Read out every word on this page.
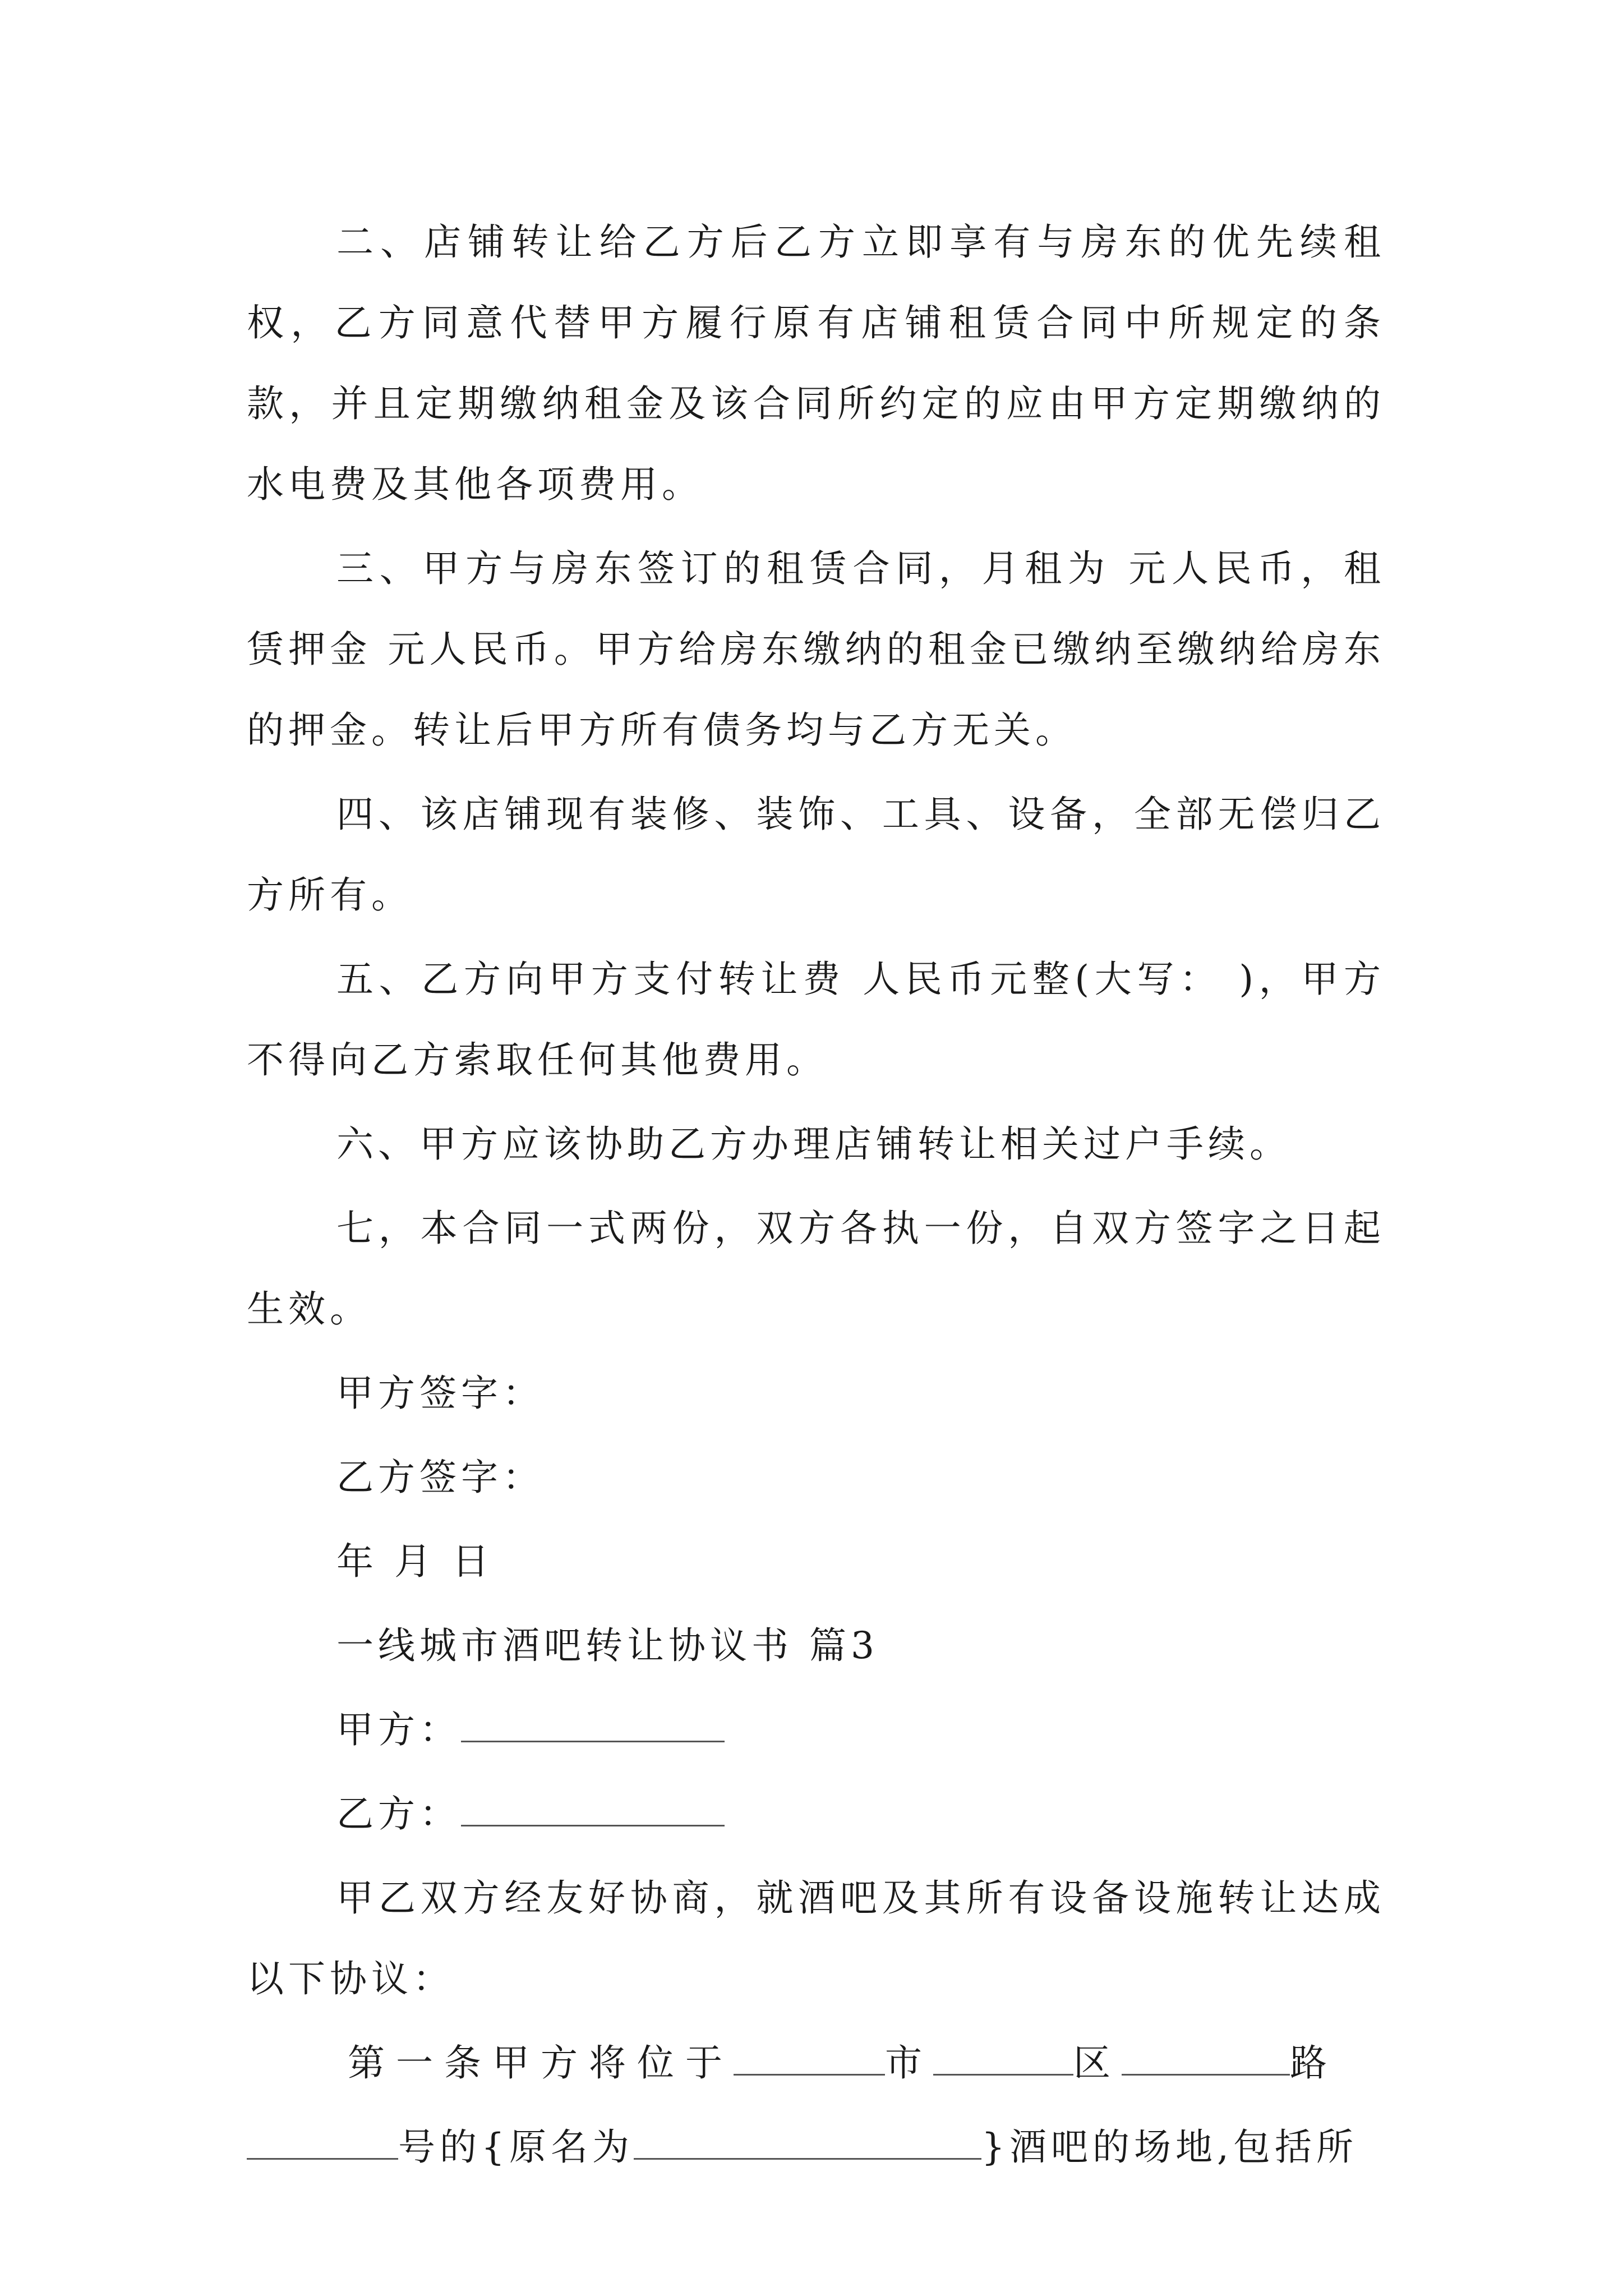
二、店铺转让给乙方后乙方立即享有与房东的优先续租权，乙方同意代替甲方履行原有店铺租赁合同中所规定的条款，并且定期缴纳租金及该合同所约定的应由甲方定期缴纳的水电费及其他各项费用。

三、甲方与房东签订的租赁合同，月租为 元人民币，租赁押金 元人民币。甲方给房东缴纳的租金已缴纳至缴纳给房东的押金。转让后甲方所有债务均与乙方无关。

四、该店铺现有装修、装饰、工具、设备，全部无偿归乙方所有。

五、乙方向甲方支付转让费 人民币元整(大写： )，甲方不得向乙方索取任何其他费用。

六、甲方应该协助乙方办理店铺转让相关过户手续。

七，本合同一式两份，双方各执一份，自双方签字之日起生效。

甲方签字：

乙方签字：

年 月 日

一线城市酒吧转让协议书 篇3

甲方：

乙方：

甲乙双方经友好协商，就酒吧及其所有设备设施转让达成以下协议：

第一条甲方将位于	市	区	路

号的{原名为	}酒吧的场地,包括所
